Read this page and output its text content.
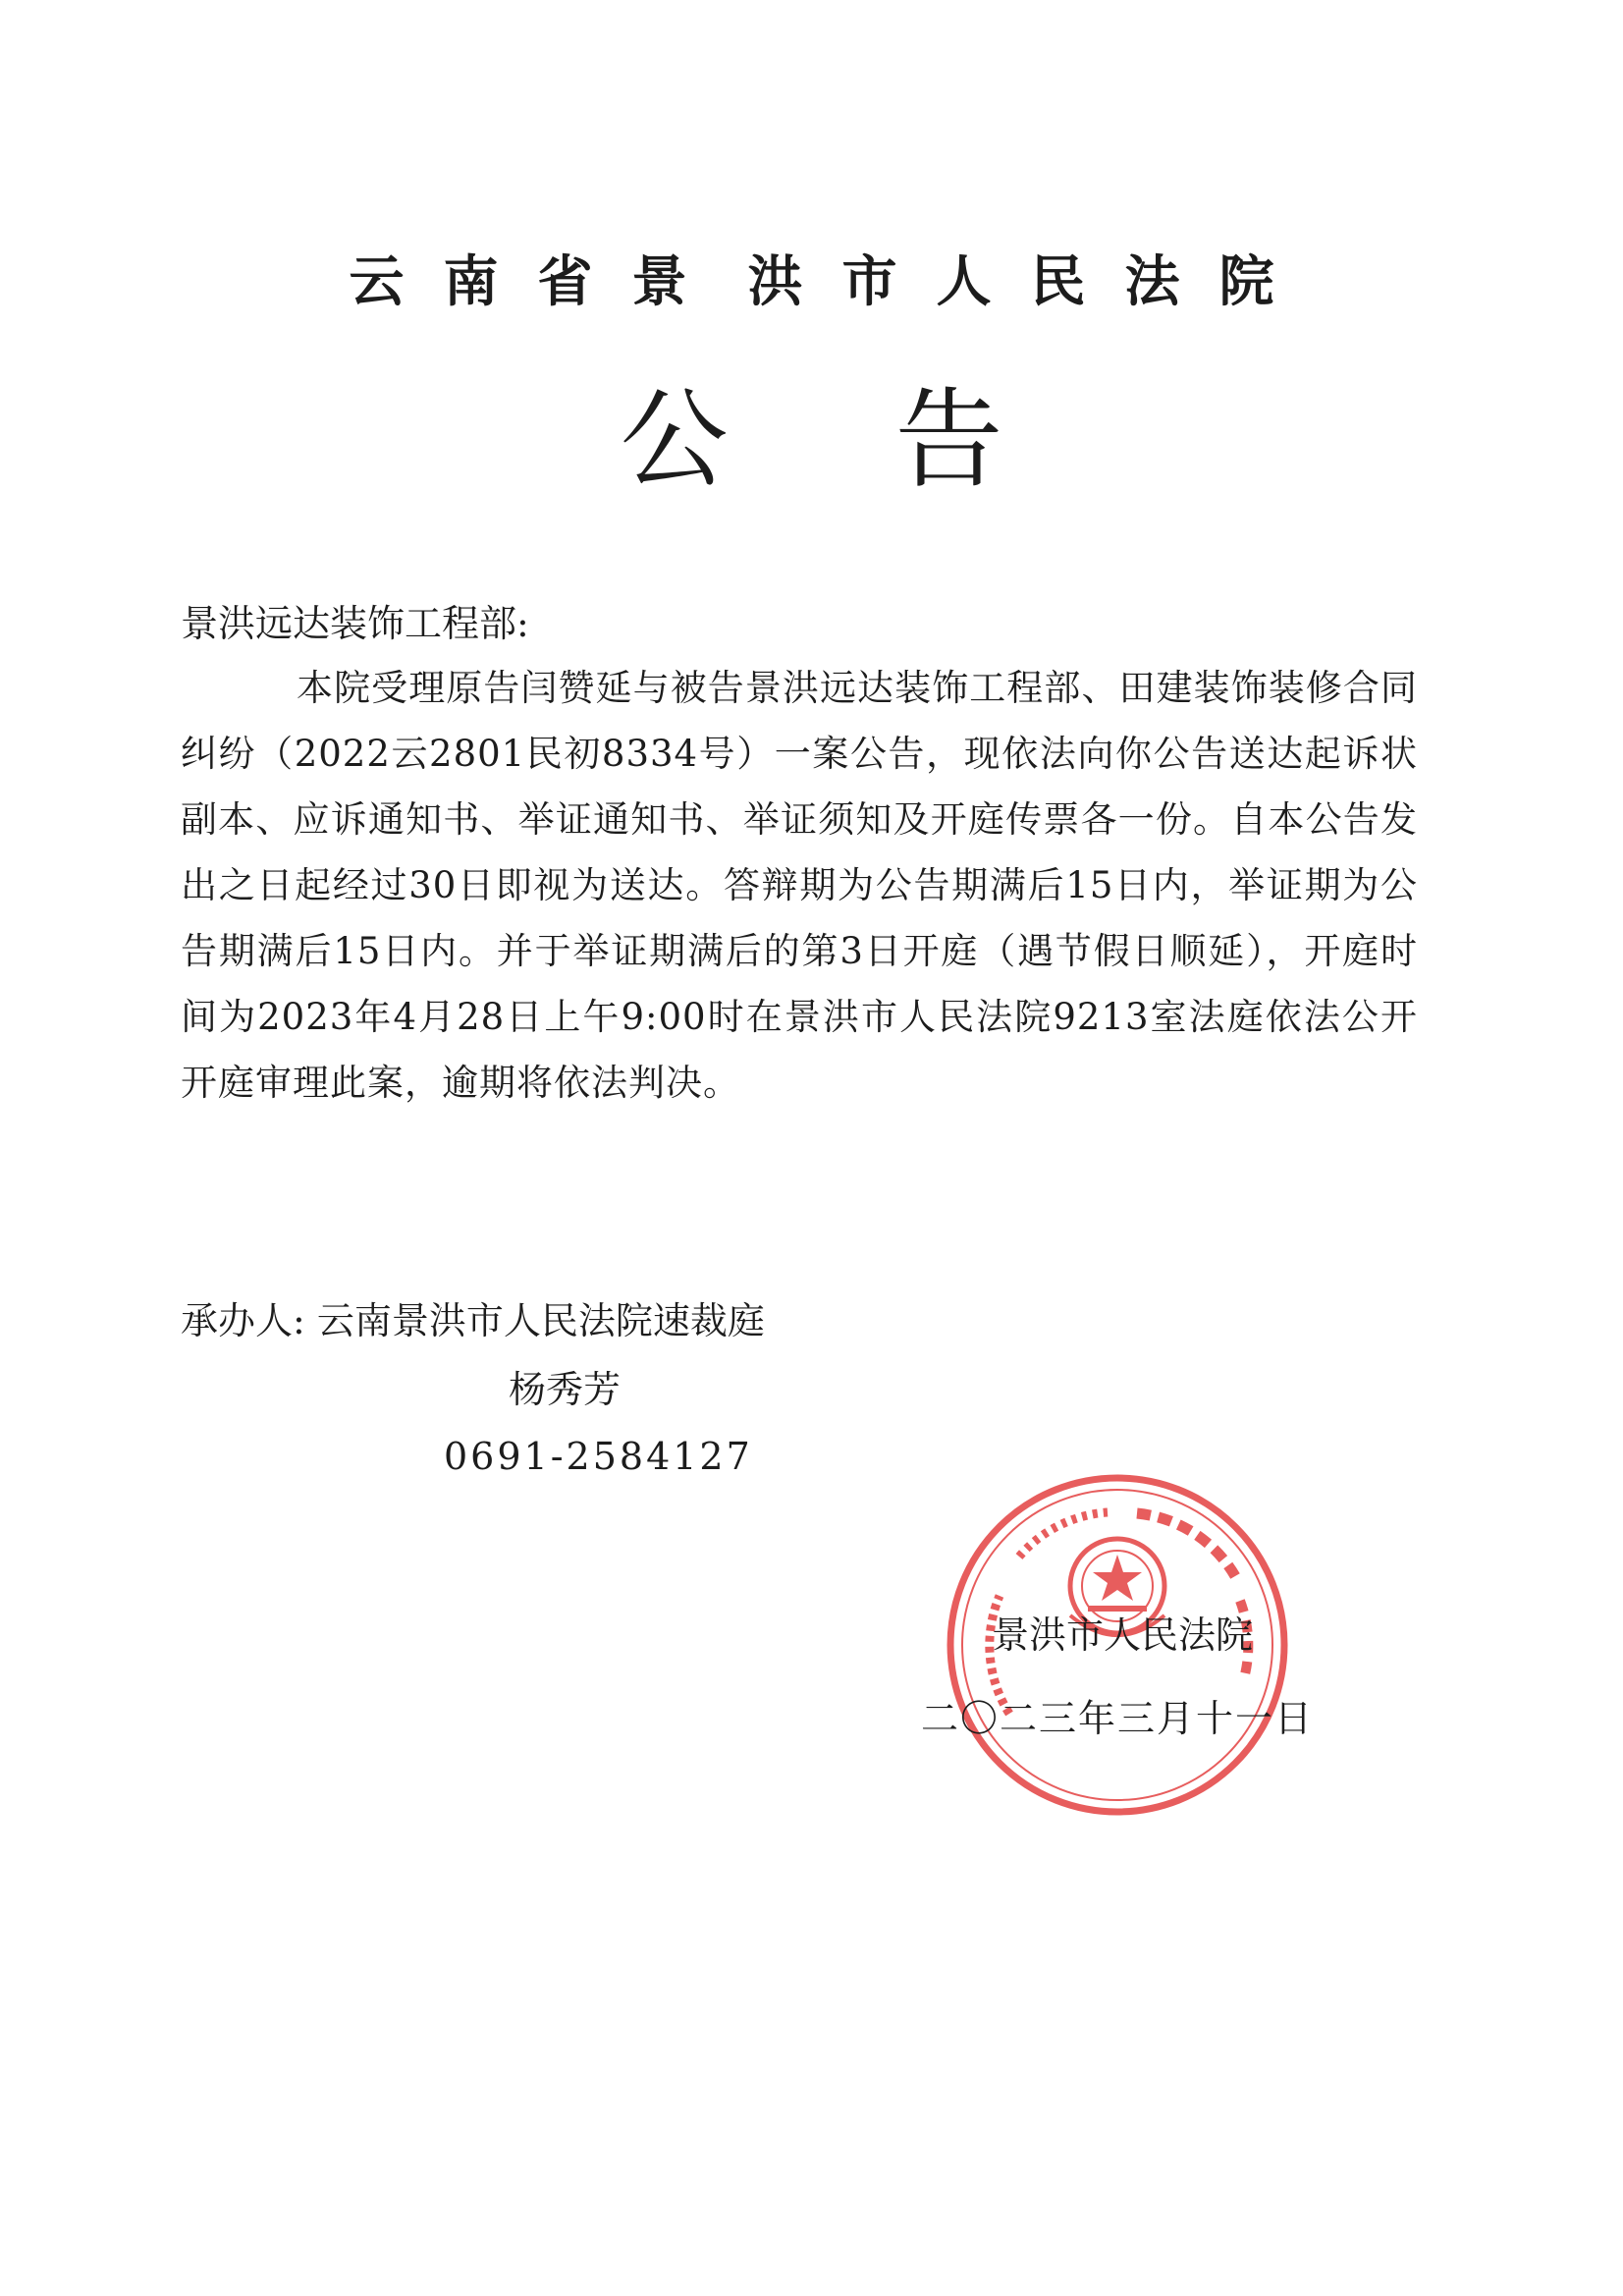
云 南 省 景 洪 市 人 民 法 院
公告
景洪远达装饰工程部:
本院受理原告闫赞延与被告景洪远达装饰工程部、田建装饰装修合同纠纷（2022云2801民初8334号）一案公告，现依法向你公告送达起诉状副本、应诉通知书、举证通知书、举证须知及开庭传票各一份。自本公告发出之日起经过30日即视为送达。答辩期为公告期满后15日内，举证期为公告期满后15日内。并于举证期满后的第3日开庭（遇节假日顺延），开庭时间为2023年4月28日上午9:00时在景洪市人民法院9213室法庭依法公开开庭审理此案，逾期将依法判决。
承办人: 云南景洪市人民法院速裁庭
杨秀芳
0691-2584127
景洪市人民法院
二〇二三年三月十一日
